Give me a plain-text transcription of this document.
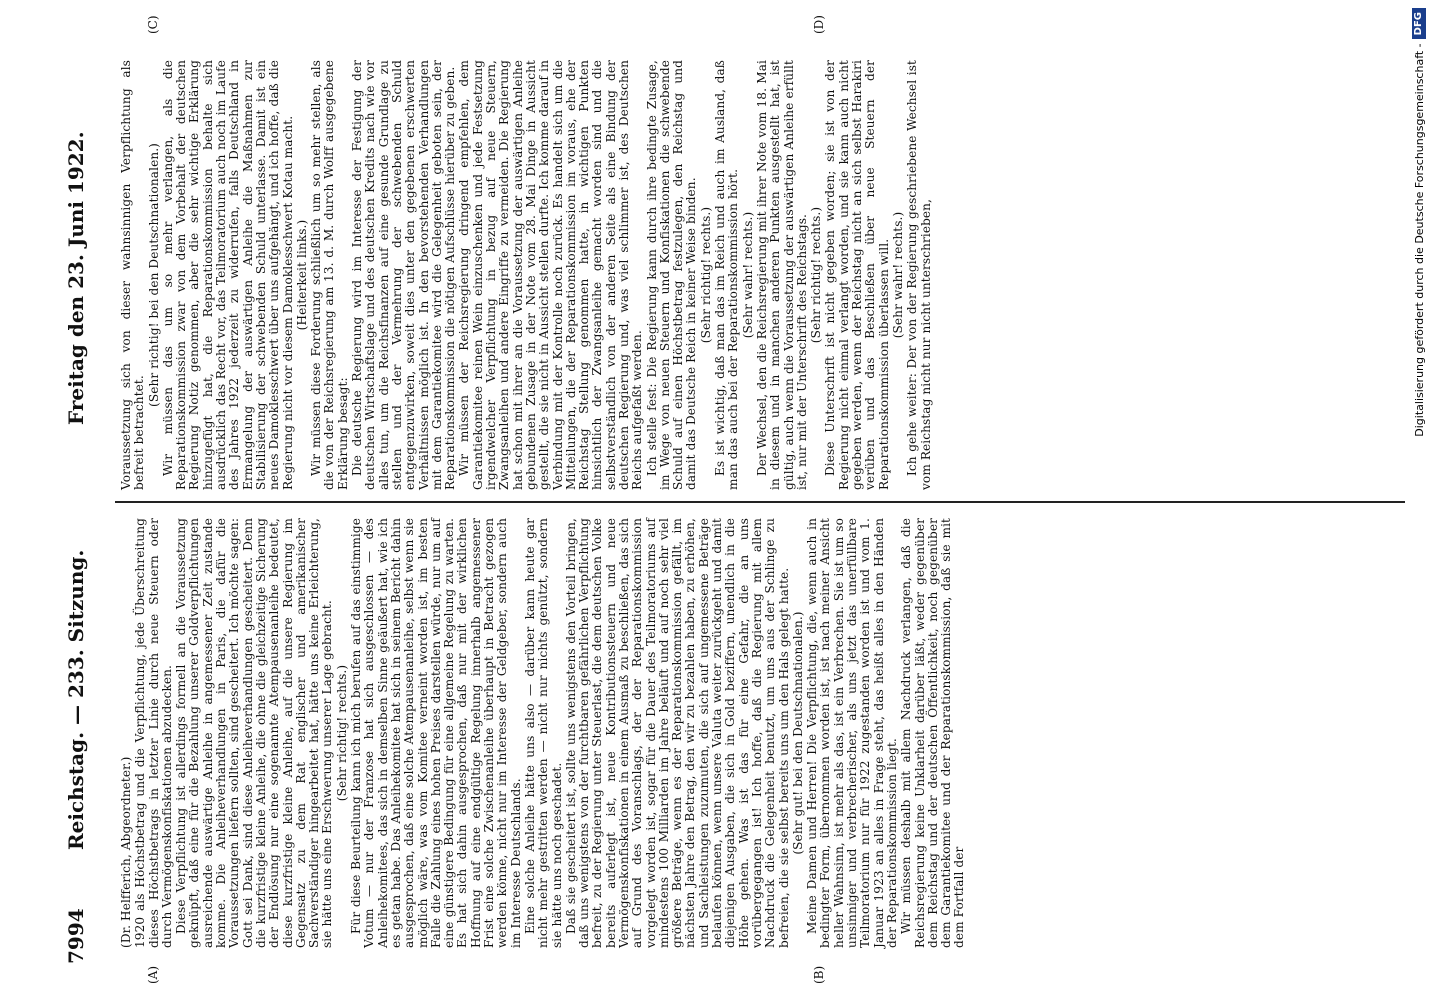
7994
Reichstag. — 233. Sitzung.
Freitag den 23. Juni 1922.
(A)	(B)
(C)	(D)

(Dr. Helfferich, Abgeordneter.) 1920 als Höchstbetrag und die Verpflichtung, jede Überschreitung dieses Höchstbetrags in letzter Linie durch neue Steuern oder durch Vermögenskonfiskationen abzudecken. Diese Verpflichtung ist allerdings formell an die Voraussetzung geknüpft, daß eine für die Bezahlung unserer Goldverpflichtungen ausreichende auswärtige Anleihe in angemessener Zeit zustande komme. Die Anleiheverhandlungen in Paris, die dafür die Voraussetzungen liefern sollten, sind gescheitert. Ich möchte sagen: Gott sei Dank, sind diese Anleiheverhandlungen gescheitert. Denn die kurzfristige kleine Anleihe, die ohne die gleichzeitige Sicherung der Endlösung nur eine sogenannte Atempausenanleihe bedeutet, diese kurzfristige kleine Anleihe, auf die unsere Regierung im Gegensatz zu dem Rat englischer und amerikanischer Sachverständiger hingearbeitet hat, hätte uns keine Erleichterung, sie hätte uns eine Erschwerung unserer Lage gebracht. (Sehr richtig! rechts.) Für diese Beurteilung kann ich mich berufen auf das einstimmige Votum — nur der Franzose hat sich ausgeschlossen — des Anleihekomitees, das sich in demselben Sinne geäußert hat, wie ich es getan habe. Das Anleihekomitee hat sich in seinem Bericht dahin ausgesprochen, daß eine solche Atempausenanleihe, selbst wenn sie möglich wäre, was vom Komitee verneint worden ist, im besten Falle die Zahlung eines hohen Preises darstellen würde, nur um auf eine günstigere Bedingung für eine allgemeine Regelung zu warten. Es hat sich dahin ausgesprochen, daß nur mit der wirklichen Hoffnung auf eine endgültige Regelung innerhalb angemessener Frist eine solche Zwischenanleihe überhaupt in Betracht gezogen werden könne, nicht nur im Interesse der Geldgeber, sondern auch im Interesse Deutschlands. Eine solche Anleihe hätte uns also — darüber kann heute gar nicht mehr gestritten werden — nicht nur nichts genützt, sondern sie hätte uns noch geschadet. Daß sie gescheitert ist, sollte uns wenigstens den Vorteil bringen, daß uns wenigstens von der furchtbaren gefährlichen Verpflichtung befreit, zu der Regierung unter Steuerlast, die dem deutschen Volke bereits auferlegt ist, neue Kontributionssteuern und neue Vermögenskonfiskationen in einem Ausmaß zu beschließen, das sich auf Grund des Voranschlags, der der Reparationskommission vorgelegt worden ist, sogar für die Dauer des Teilmoratoriums auf mindestens 100 Milliarden im Jahre beläuft und auf noch sehr viel größere Beträge, wenn es der Reparationskommission gefällt, im nächsten Jahre den Betrag, den wir zu bezahlen haben, zu erhöhen, und Sachleistungen zuzumuten, die sich auf ungemessene Beträge belaufen können, wenn unsere Valuta weiter zurückgeht und damit diejenigen Ausgaben, die sich in Gold beziffern, unendlich in die Höhe gehen. Was ist das für eine Gefahr, die an uns vorübergegangen ist! Ich hoffe, daß die Regierung mit allem Nachdruck die Gelegenheit benutzt, um uns aus der Schlinge zu befreien, die sie selbst bereits uns um den Hals gelegt hatte. (Sehr gut! bei den Deutschnationalen.) Meine Damen und Herren! Die Verpflichtung, die, wenn auch in bedingter Form, übernommen worden ist, ist nach meiner Ansicht heller Wahnsinn, ist mehr als das, ist ein Verbrechen. Sie ist um so unsinniger und verbrecherischer, als uns jetzt das unerfüllbare Teilmoratorium nur für 1922 zugestanden worden ist und vom 1. Januar 1923 an alles in Frage steht, das heißt alles in den Händen der Reparationskommission liegt. Wir müssen deshalb mit allem Nachdruck verlangen, daß die Reichsregierung keine Unklarheit darüber läßt, weder gegenüber dem Reichstag und der deutschen Öffentlichkeit, noch gegenüber dem Garantiekomitee und der Reparationskommission, daß sie mit dem Fortfall der

Voraussetzung sich von dieser wahnsinnigen Verpflichtung als befreit betrachtet.

(Sehr richtig! bei den Deutschnationalen.) Wir müssen das um so mehr verlangen, als die Reparationskommission zwar von dem Vorbehalt der deutschen Regierung Notiz genommen, aber die sehr wichtige Erklärung hinzugefügt hat, die Reparationskommission behalte sich ausdrücklich das Recht vor, das Teilmoratorium auch noch im Laufe des Jahres 1922 jederzeit zu widerrufen, falls Deutschland in Ermangelung der auswärtigen Anleihe die Maßnahmen zur Stabilisierung der schwebenden Schuld unterlasse. Damit ist ein neues Damoklesschwert über uns aufgehängt, und ich hoffe, daß die Regierung nicht vor diesem Damoklesschwert Kotau macht. (Heiterkeit links.) Wir müssen diese Forderung schließlich um so mehr stellen, als die von der Reichsregierung am 13. d. M. durch Wolff ausgegebene Erklärung besagt: Die deutsche Regierung wird im Interesse der Festigung der deutschen Wirtschaftslage und des deutschen Kredits nach wie vor alles tun, um die Reichsfinanzen auf eine gesunde Grundlage zu stellen und der Vermehrung der schwebenden Schuld entgegenzuwirken, soweit dies unter den gegebenen erschwerten Verhältnissen möglich ist. In den bevorstehenden Verhandlungen mit dem Garantiekomitee wird die Gelegenheit geboten sein, der Reparationskommission die nötigen Aufschlüsse hierüber zu geben. Wir müssen der Reichsregierung dringend empfehlen, dem Garantiekomitee reinen Wein einzuschenken und jede Festsetzung irgendwelcher Verpflichtung in bezug auf neue Steuern, Zwangsanleihen und andere Eingriffe zu vermeiden. Die Regierung hat schon mit ihrer an die Voraussetzung der auswärtigen Anleihe gebundenen Zusage in der Note vom 28. Mai Dinge in Aussicht gestellt, die sie nicht in Aussicht stellen durfte. Ich komme darauf in Verbindung mit der Kontrolle noch zurück. Es handelt sich um die Mitteilungen, die der Reparationskommission im voraus, ehe der Reichstag Stellung genommen hatte, in wichtigen Punkten hinsichtlich der Zwangsanleihe gemacht worden sind und die selbstverständlich von der anderen Seite als eine Bindung der deutschen Regierung und, was viel schlimmer ist, des Deutschen Reichs aufgefaßt werden. Ich stelle fest: Die Regierung kann durch ihre bedingte Zusage, im Wege von neuen Steuern und Konfiskationen die schwebende Schuld auf einen Höchstbetrag festzulegen, den Reichstag und damit das Deutsche Reich in keiner Weise binden. (Sehr richtig! rechts.) Es ist wichtig, daß man das im Reich und auch im Ausland, daß man das auch bei der Reparationskommission hört. (Sehr wahr! rechts.) Der Wechsel, den die Reichsregierung mit ihrer Note vom 18. Mai in diesem und in manchen anderen Punkten ausgestellt hat, ist gültig, auch wenn die Voraussetzung der auswärtigen Anleihe erfüllt ist, nur mit der Unterschrift des Reichstags. (Sehr richtig! rechts.) Diese Unterschrift ist nicht gegeben worden; sie ist von der Regierung nicht einmal verlangt worden, und sie kann auch nicht gegeben werden, wenn der Reichstag nicht an sich selbst Harakiri verüben und das Beschließen über neue Steuern der Reparationskommission überlassen will. (Sehr wahr! rechts.) Ich gehe weiter: Der von der Regierung geschriebene Wechsel ist vom Reichstag nicht nur nicht unterschrieben,	Digitalisierung gefördert durch die Deutsche Forschungsgemeinschaft -
DFG
